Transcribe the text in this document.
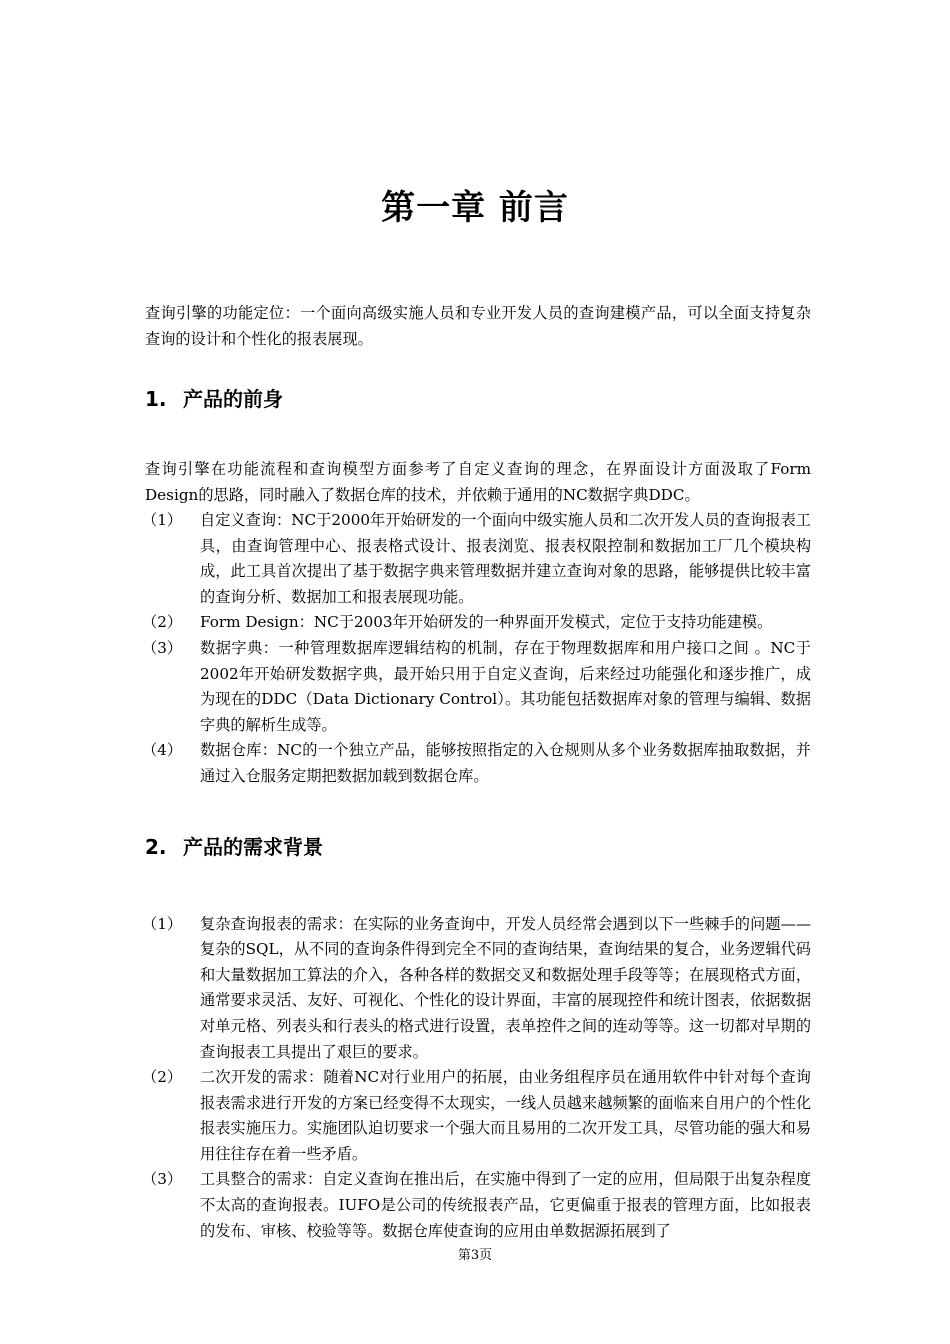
第一章 前言

查询引擎的功能定位：一个面向高级实施人员和专业开发人员的查询建模产品，可以全面支持复杂查询的设计和个性化的报表展现。

1. 产品的前身

查询引擎在功能流程和查询模型方面参考了自定义查询的理念，在界面设计方面汲取了Form Design的思路，同时融入了数据仓库的技术，并依赖于通用的NC数据字典DDC。

（1）	自定义查询：NC于2000年开始研发的一个面向中级实施人员和二次开发人员的查询报表工具，由查询管理中心、报表格式设计、报表浏览、报表权限控制和数据加工厂几个模块构成，此工具首次提出了基于数据字典来管理数据并建立查询对象的思路，能够提供比较丰富的查询分析、数据加工和报表展现功能。
（2）	Form Design：NC于2003年开始研发的一种界面开发模式，定位于支持功能建模。
（3）	数据字典：一种管理数据库逻辑结构的机制，存在于物理数据库和用户接口之间 。NC于2002年开始研发数据字典，最开始只用于自定义查询，后来经过功能强化和逐步推广，成为现在的DDC（Data Dictionary Control）。其功能包括数据库对象的管理与编辑、数据字典的解析生成等。
（4）	数据仓库：NC的一个独立产品，能够按照指定的入仓规则从多个业务数据库抽取数据，并通过入仓服务定期把数据加载到数据仓库。
2. 产品的需求背景
（1）	复杂查询报表的需求：在实际的业务查询中，开发人员经常会遇到以下一些棘手的问题——复杂的SQL，从不同的查询条件得到完全不同的查询结果，查询结果的复合，业务逻辑代码和大量数据加工算法的介入，各种各样的数据交叉和数据处理手段等等；在展现格式方面，通常要求灵活、友好、可视化、个性化的设计界面，丰富的展现控件和统计图表，依据数据对单元格、列表头和行表头的格式进行设置，表单控件之间的连动等等。这一切都对早期的查询报表工具提出了艰巨的要求。
（2）	二次开发的需求：随着NC对行业用户的拓展，由业务组程序员在通用软件中针对每个查询报表需求进行开发的方案已经变得不太现实，一线人员越来越频繁的面临来自用户的个性化报表实施压力。实施团队迫切要求一个强大而且易用的二次开发工具，尽管功能的强大和易用往往存在着一些矛盾。
（3）	工具整合的需求：自定义查询在推出后，在实施中得到了一定的应用，但局限于出复杂程度不太高的查询报表。IUFO是公司的传统报表产品，它更偏重于报表的管理方面，比如报表的发布、审核、校验等等。数据仓库使查询的应用由单数据源拓展到了
第3页
